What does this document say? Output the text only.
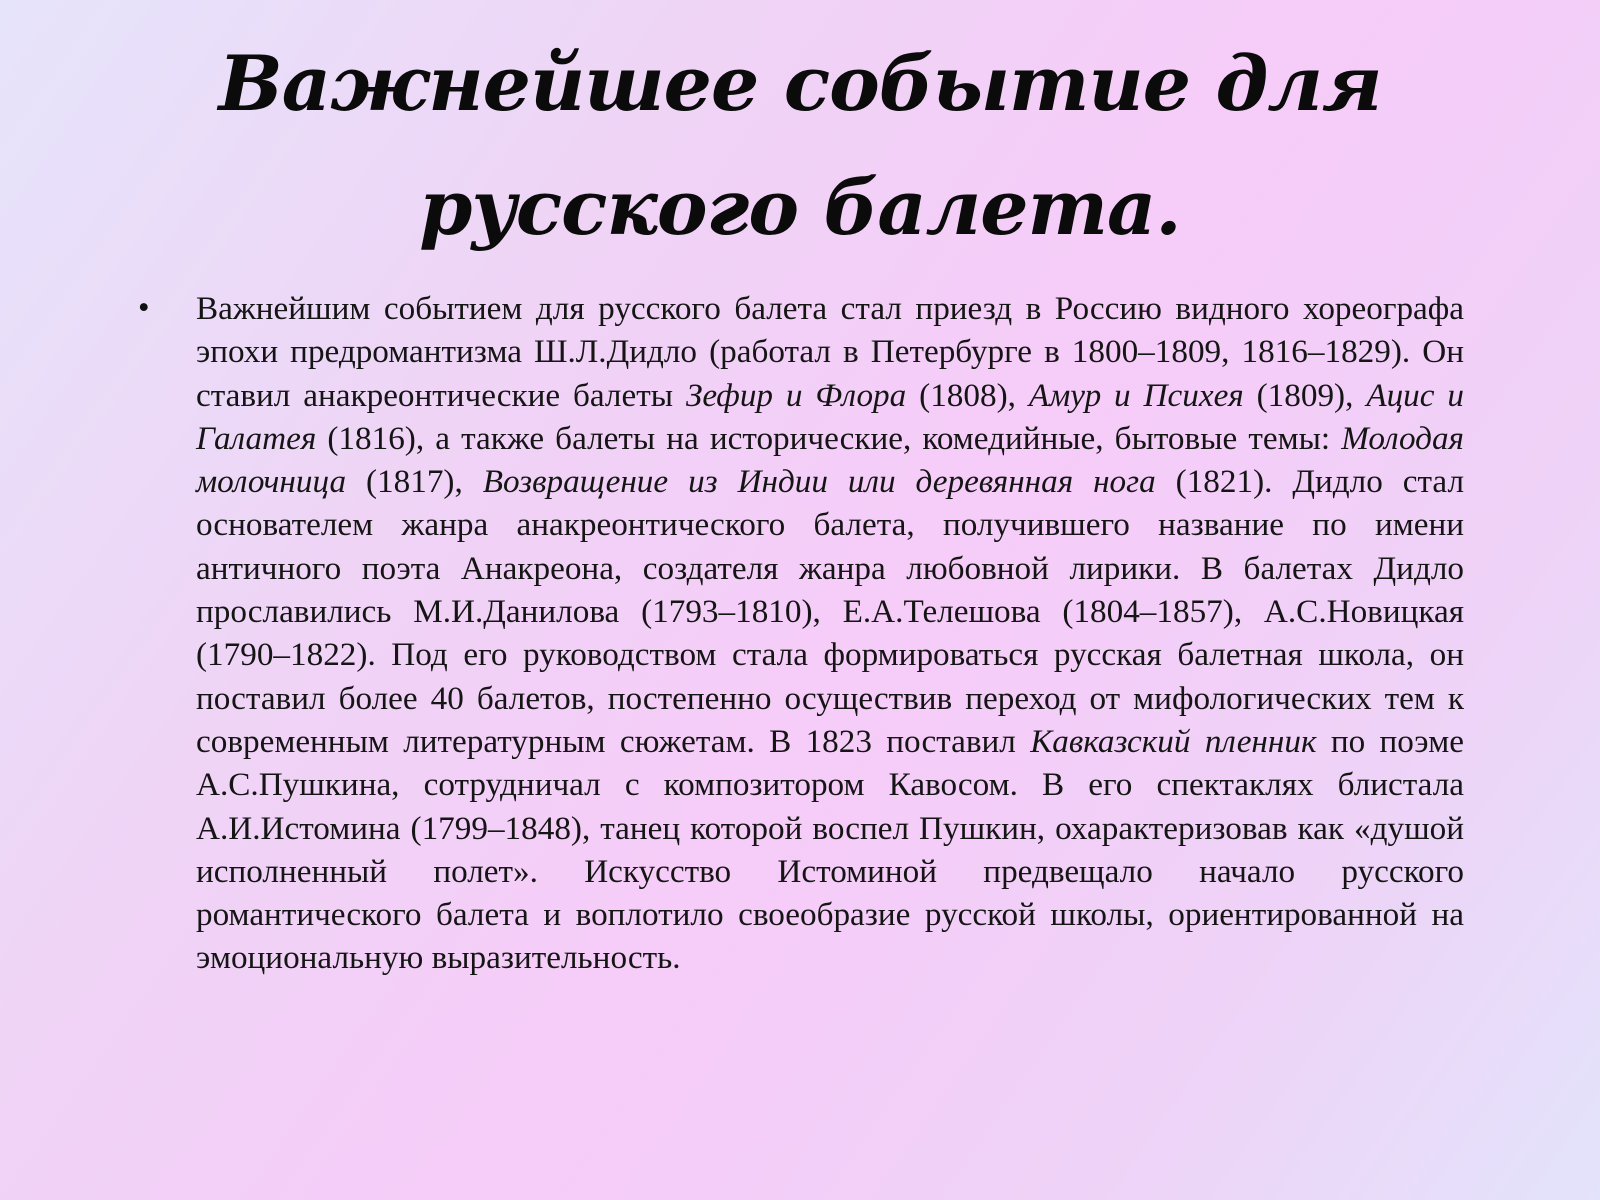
Важнейшее событие для
русского балета.
•	Важнейшим событием для русского балета стал приезд в Россию видного хореографа эпохи предромантизма Ш.Л.Дидло (работал в Петербурге в 1800–1809, 1816–1829). Он ставил анакреонтические балеты Зефир и Флора (1808), Амур и Психея (1809), Ацис и Галатея (1816), а также балеты на исторические, комедийные, бытовые темы: Молодая молочница (1817), Возвращение из Индии или деревянная нога (1821). Дидло стал основателем жанра анакреонтического балета, получившего название по имени античного поэта Анакреона, создателя жанра любовной лирики. В балетах Дидло прославились М.И.Данилова (1793–1810), Е.А.Телешова (1804–1857), А.С.Новицкая (1790–1822). Под его руководством стала формироваться русская балетная школа, он поставил более 40 балетов, постепенно осуществив переход от мифологических тем к современным литературным сюжетам. В 1823 поставил Кавказский пленник по поэме А.С.Пушкина, сотрудничал с композитором Кавосом. В его спектаклях блистала А.И.Истомина (1799–1848), танец которой воспел Пушкин, охарактеризовав как «душой исполненный полет». Искусство Истоминой предвещало начало русского романтического балета и воплотило своеобразие русской школы, ориентированной на эмоциональную выразительность.
